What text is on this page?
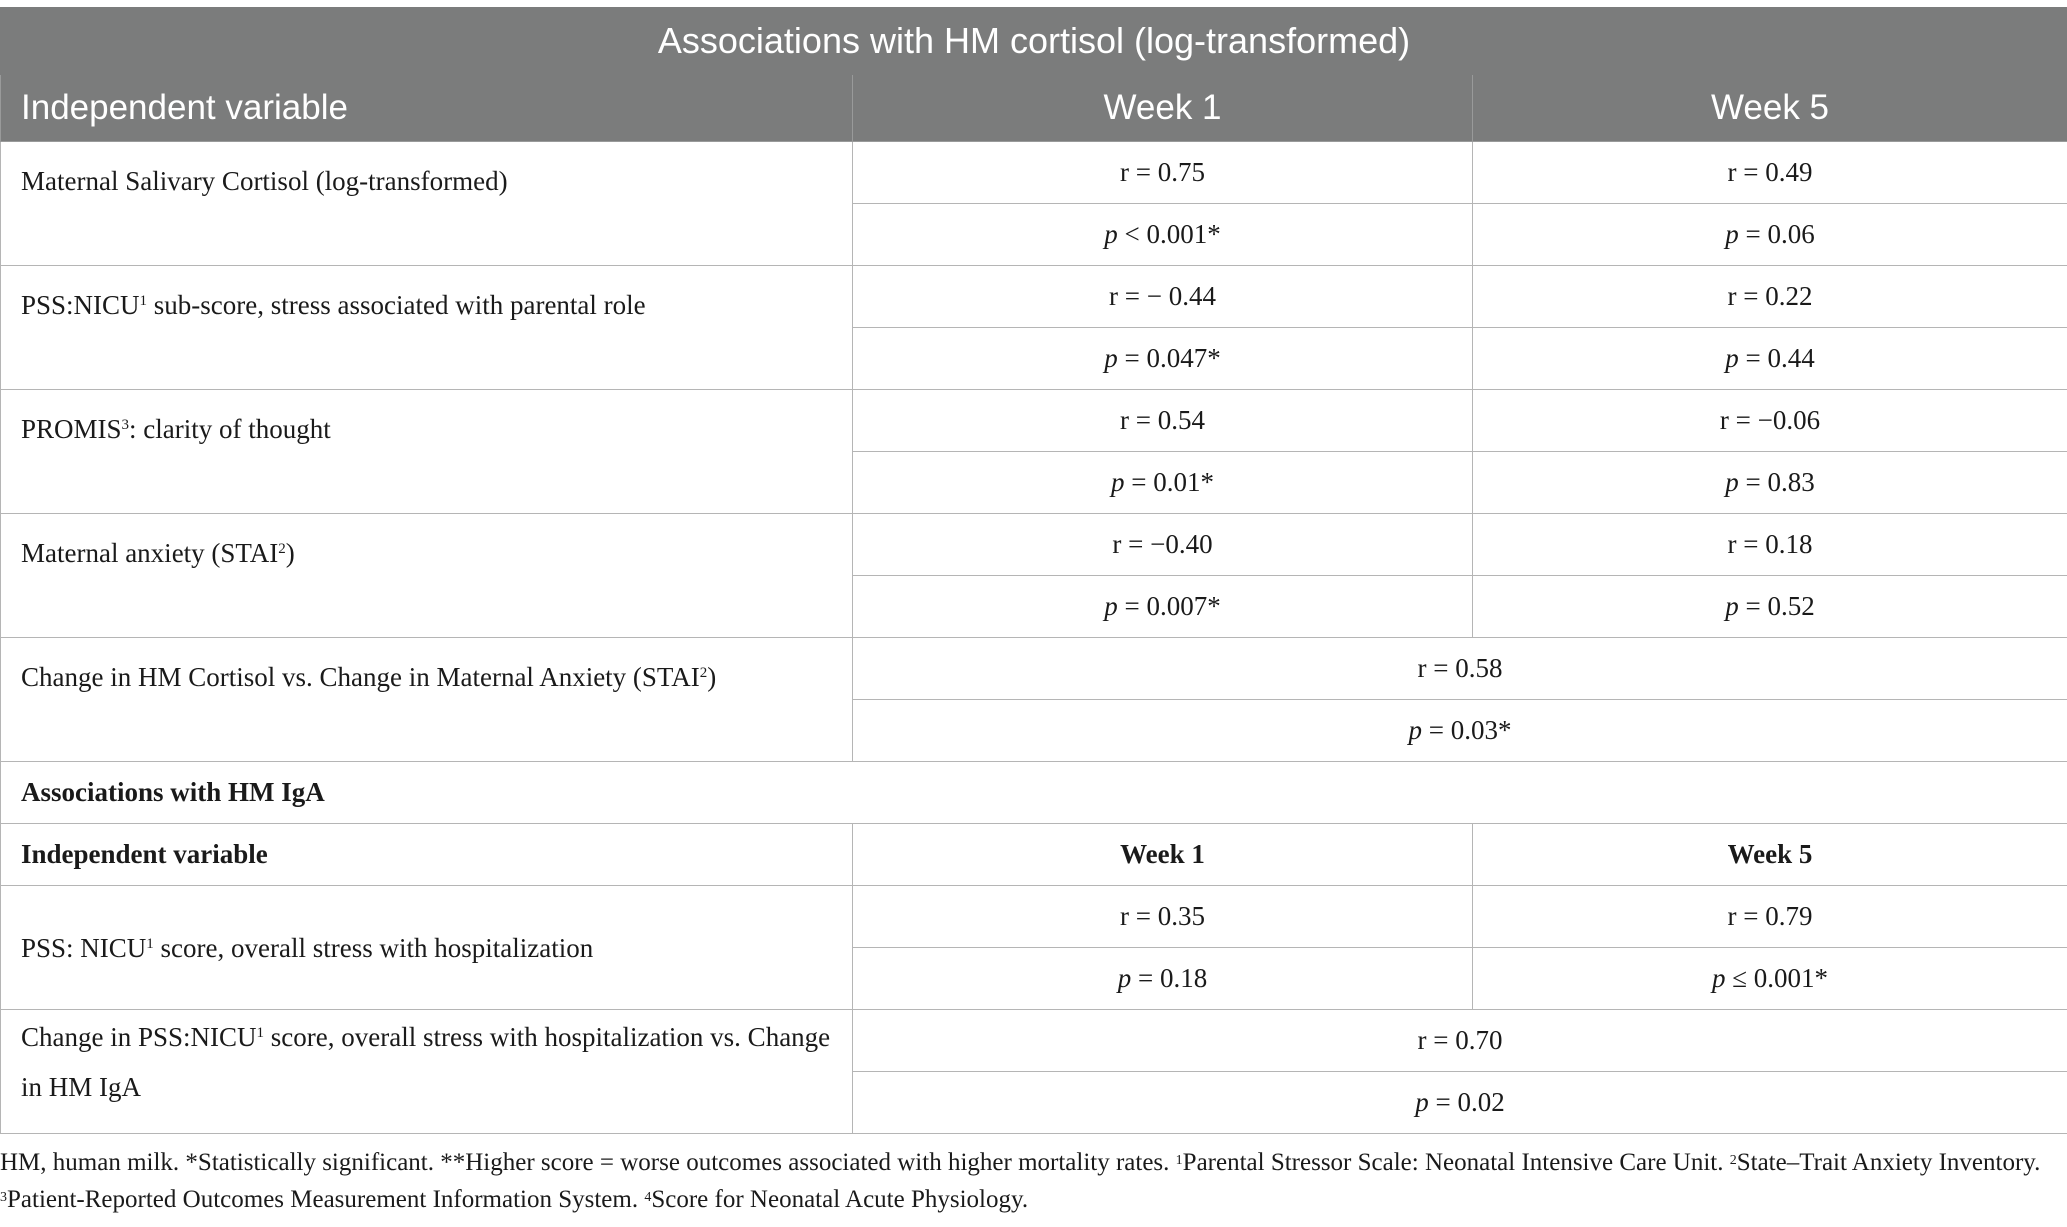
Associations with HM cortisol (log-transformed)		
Independent variable	Week 1	Week 5
Maternal Salivary Cortisol (log-transformed)	r = 0.75	r = 0.49
	p < 0.001*	p = 0.06
PSS:NICU$^1$ sub-score, stress associated with parental role	r = − 0.44	r = 0.22
	p = 0.047*	p = 0.44
PROMIS$^3$: clarity of thought	r = 0.54	r = −0.06
	p = 0.01*	p = 0.83
Maternal anxiety (STAI$^2$)	r = −0.40	r = 0.18
	p = 0.007*	p = 0.52
Change in HM Cortisol vs. Change in Maternal Anxiety (STAI$^2$)	r = 0.58	
	p = 0.03*	
Associations with HM IgA		
Independent variable	Week 1	Week 5
PSS: NICU$^1$ score, overall stress with hospitalization	r = 0.35	r = 0.79
	p = 0.18	p ≤ 0.001*
Change in PSS:NICU$^1$ score, overall stress with hospitalization vs. Change in HM IgA	r = 0.70	
	p = 0.02	
HM, human milk. *Statistically significant. **Higher score = worse outcomes associated with higher mortality rates. $^1$Parental Stressor Scale: Neonatal Intensive Care Unit. $^2$State–Trait Anxiety Inventory. $^3$Patient-Reported Outcomes Measurement Information System. $^4$Score for Neonatal Acute Physiology.
